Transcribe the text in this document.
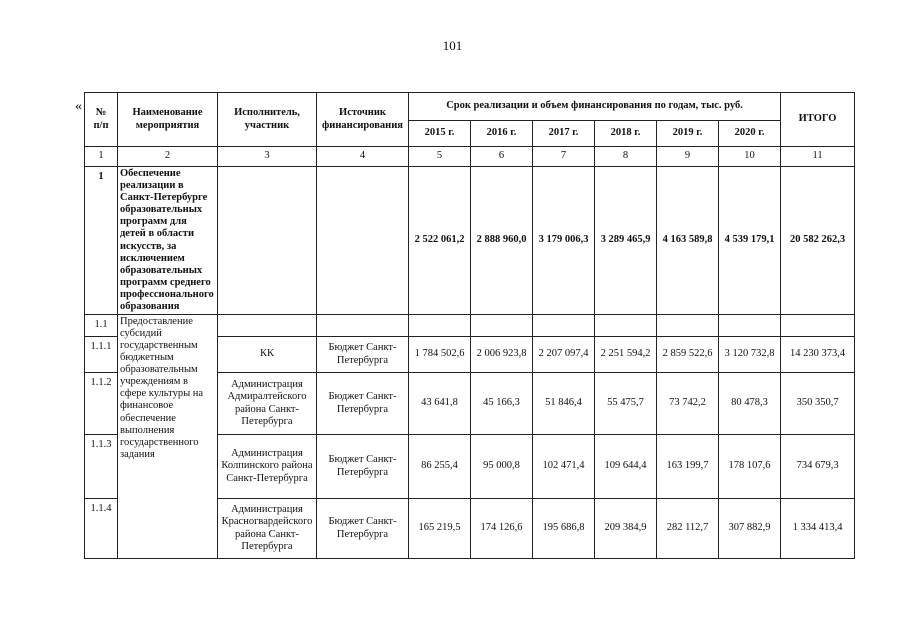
101
« №
п/п	Наименование мероприятия	Исполнитель, участник	Источник финансирования	Срок реализации и объем финансирования по годам, тыс. руб.						ИТОГО
				2015 г.	2016 г.	2017 г.	2018 г.	2019 г.	2020 г.	
1	2	3	4	5	6	7	8	9	10	11
1	Обеспечение реализации в Санкт-Петербурге образовательных программ для детей в области искусств, за исключением образовательных программ среднего профессионального образования			2 522 061,2	2 888 960,0	3 179 006,3	3 289 465,9	4 163 589,8	4 539 179,1	20 582 262,3
1.1	Предоставление субсидий государственным бюджетным образовательным учреждениям в сфере культуры на финансовое обеспечение выполнения государственного задания									
1.1.1		КК	Бюджет Санкт-Петербурга	1 784 502,6	2 006 923,8	2 207 097,4	2 251 594,2	2 859 522,6	3 120 732,8	14 230 373,4
1.1.2		Администрация Адмиралтейского района Санкт-Петербурга	Бюджет Санкт-Петербурга	43 641,8	45 166,3	51 846,4	55 475,7	73 742,2	80 478,3	350 350,7
1.1.3		Администрация Колпинского района Санкт-Петербурга	Бюджет Санкт-Петербурга	86 255,4	95 000,8	102 471,4	109 644,4	163 199,7	178 107,6	734 679,3
1.1.4		Администрация Красногвардейского района Санкт-Петербурга	Бюджет Санкт-Петербурга	165 219,5	174 126,6	195 686,8	209 384,9	282 112,7	307 882,9	1 334 413,4
